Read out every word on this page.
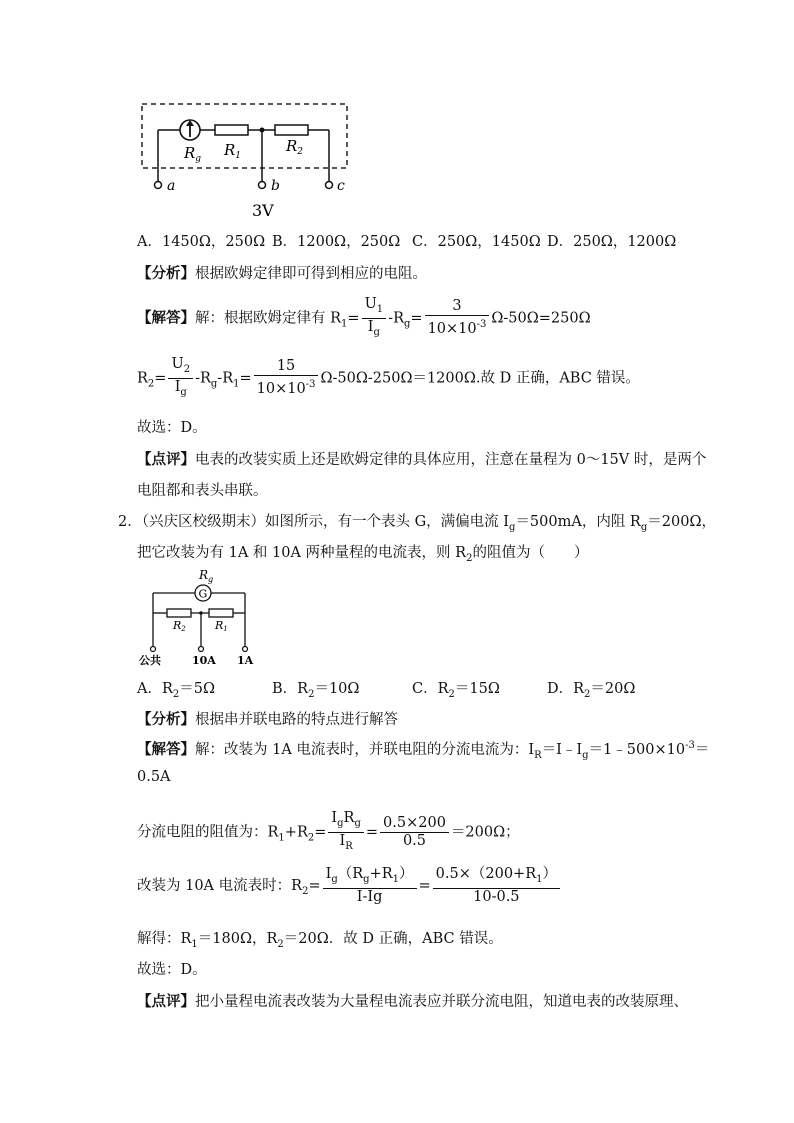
$R_g$ $R_1$
$R_2$
a	b	c
3V
A．1450Ω，250Ω B．1200Ω，250Ω C．250Ω，1450Ω D．250Ω，1200Ω
【分析】根据欧姆定律即可得到相应的电阻。
【解答】解：根据欧姆定律有 $R_1= \frac{U_1}{I_g} -R_g= \frac{3}{10\times 10^{-3}} \Omega-50\Omega=250\Omega$
$R_2= \frac{U_2}{I_g} -R_g-R_1= \frac{15}{10\times 10^{-3}} \Omega-50\Omega-250\Omega=1200\Omega$.故 D 正确，ABC 错误。
故选：D。
【点评】电表的改装实质上还是欧姆定律的具体应用，注意在量程为 0～15V 时，是两个
电阻都和表头串联。
2．（兴庆区校级期末）如图所示，有一个表头 G，满偏电流 $I_g=500mA$，内阻 $R_g=200\Omega$，
把它改装为有 1A 和 10A 两种量程的电流表，则 $R_2$的阻值为（　　）
$R_g$
G
R2	R1
公共	10A 1A
A．$R_2=5\Omega$	B．$R_2=10\Omega$	C．$R_2=15\Omega$	D．$R_2=20\Omega$
【分析】根据串并联电路的特点进行解答
【解答】解：改装为 1A 电流表时，并联电阻的分流电流为：$I_R=I﹣I_g=1﹣500\times 10^{-3}=$
0.5A
分流电阻的阻值为：$R_1+R_2= \frac{I_gR_g}{I_R} = \frac{0.5\times 200}{0.5} =200\Omega$；
改装为 10A 电流表时：$R_2= \frac{I_g(R_g+R_1)}{I-Ig} = \frac{0.5\times(200+R_1)}{10-0.5}$
解得：$R_1=180\Omega$，$R_2=20\Omega$．故 D 正确，ABC 错误。
故选：D。
【点评】把小量程电流表改装为大量程电流表应并联分流电阻，知道电表的改装原理、
